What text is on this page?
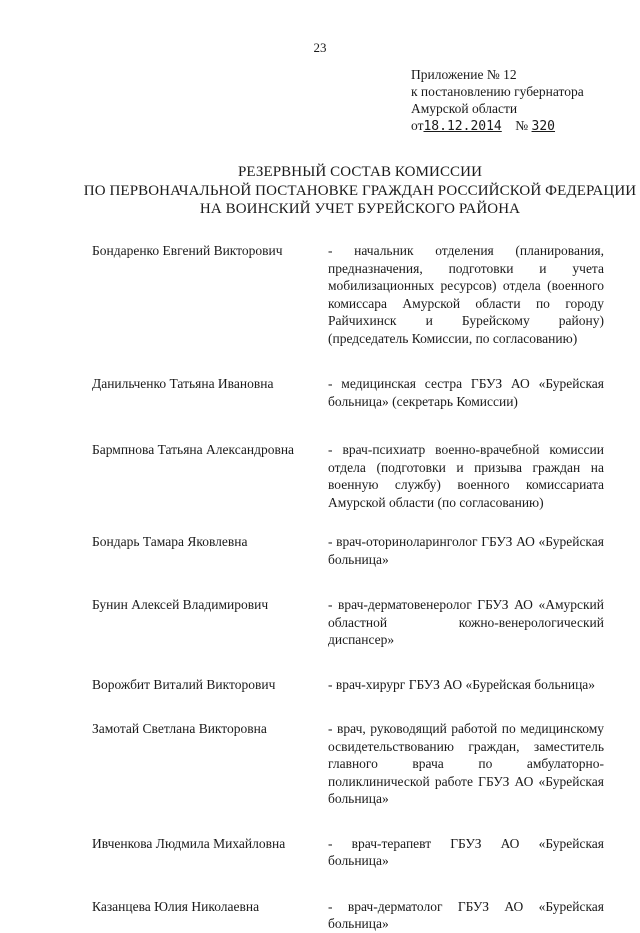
23
Приложение № 12
к постановлению губернатора
Амурской области
от18.12.2014 № 320
РЕЗЕРВНЫЙ СОСТАВ КОМИССИИ
ПО ПЕРВОНАЧАЛЬНОЙ ПОСТАНОВКЕ ГРАЖДАН РОССИЙСКОЙ ФЕДЕРАЦИИ
НА ВОИНСКИЙ УЧЕТ БУРЕЙСКОГО РАЙОНА
Бондаренко Евгений Викторович	- начальник отделения (планирования, предназначения, подготовки и учета мобилизационных ресурсов) отдела (военного комиссара Амурской области по городу Райчихинск и Бурейскому району) (председатель Комиссии, по согласованию)
Данильченко Татьяна Ивановна	- медицинская сестра ГБУЗ АО «Бурейская больница» (секретарь Комиссии)
Бармпнова Татьяна Александровна	- врач-психиатр военно-врачебной комиссии отдела (подготовки и призыва граждан на военную службу) военного комиссариата Амурской области (по согласованию)
Бондарь Тамара Яковлевна	- врач-оториноларинголог ГБУЗ АО «Бурейская больница»
Бунин Алексей Владимирович	- врач-дерматовенеролог ГБУЗ АО «Амурский областной кожно-венерологический диспансер»
Ворожбит Виталий Викторович	- врач-хирург ГБУЗ АО «Бурейская больница»
Замотай Светлана Викторовна	- врач, руководящий работой по медицинскому освидетельствованию граждан, заместитель главного врача по амбулаторно-поликлинической работе ГБУЗ АО «Бурейская больница»
Ивченкова Людмила Михайловна	- врач-терапевт ГБУЗ АО «Бурейская больница»
Казанцева Юлия Николаевна	- врач-дерматолог ГБУЗ АО «Бурейская больница»
